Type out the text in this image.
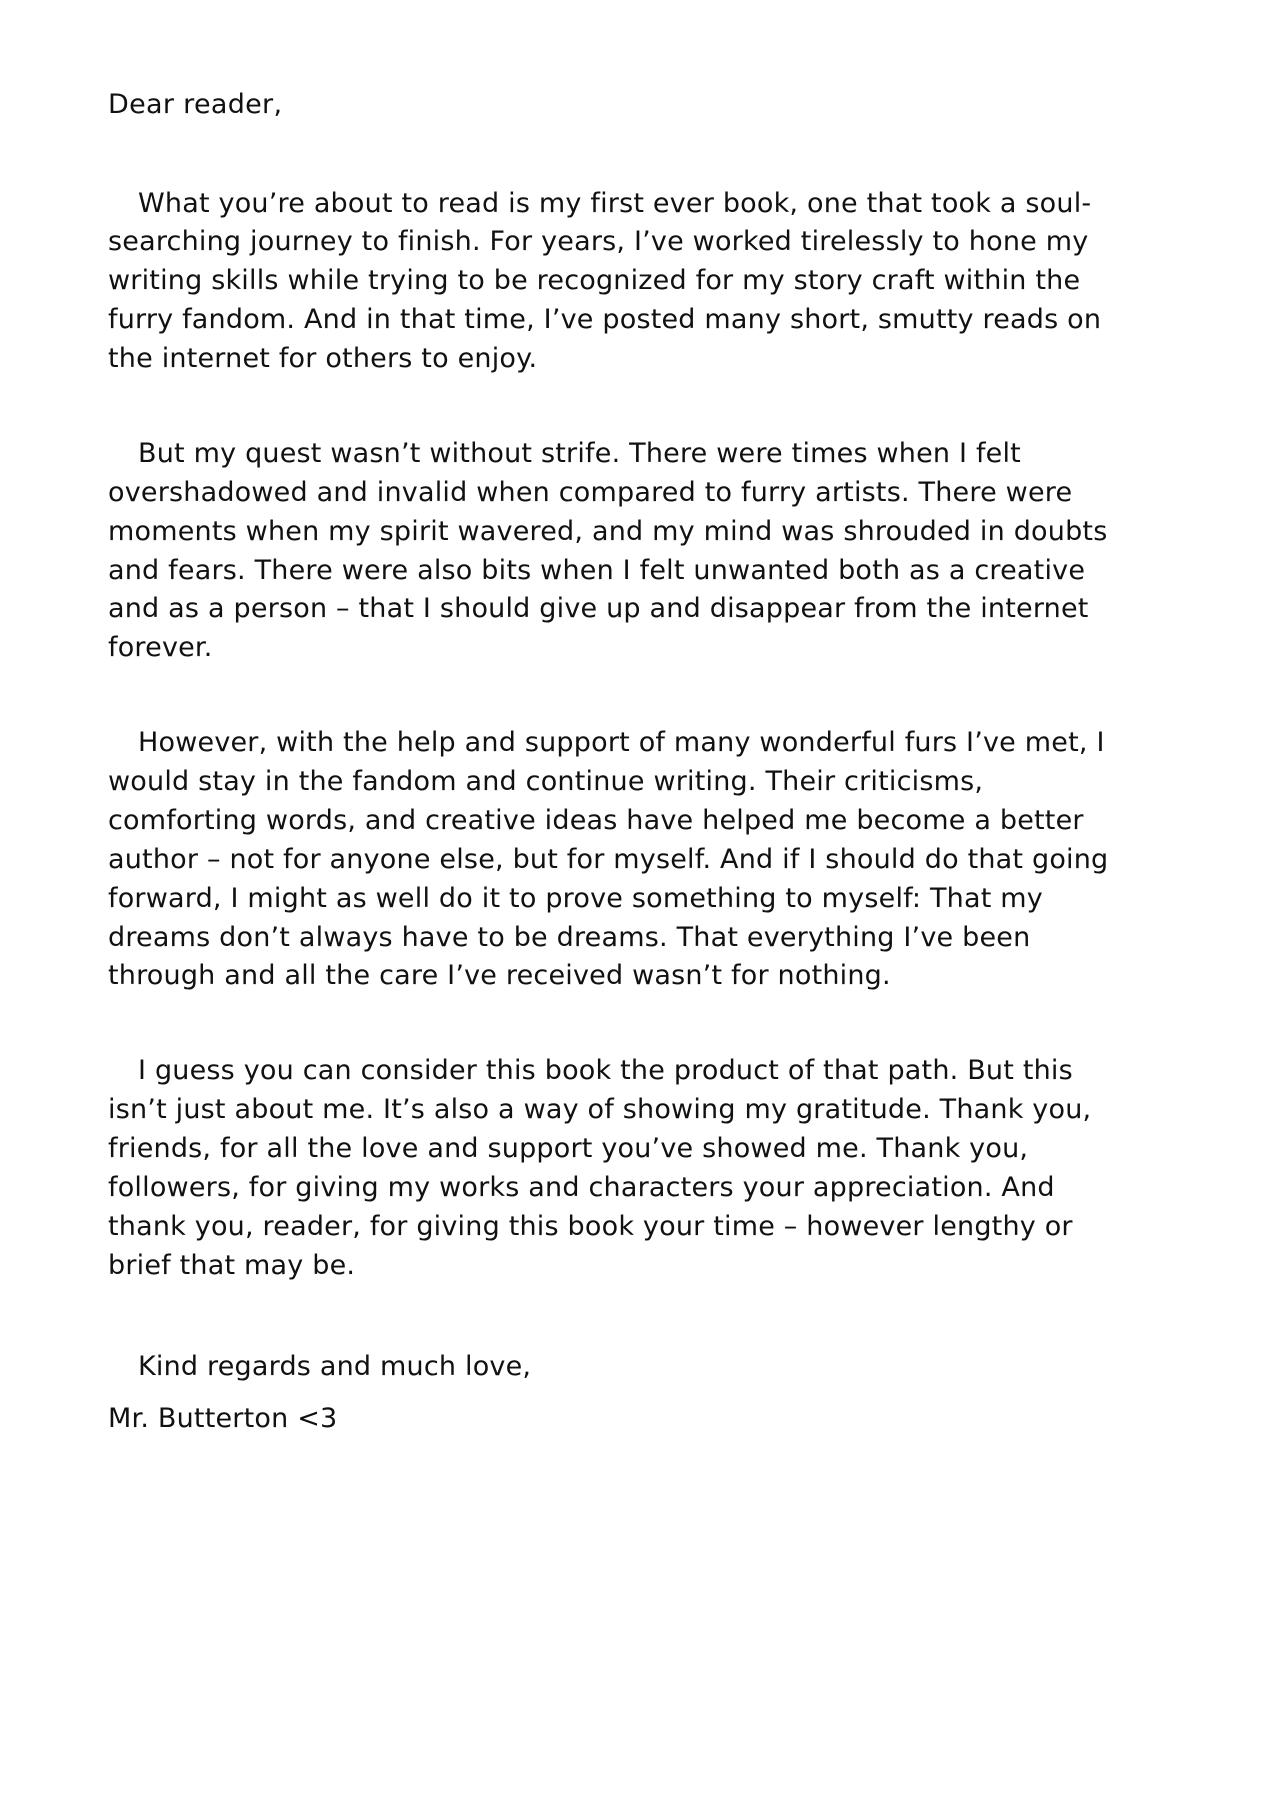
Dear reader,

What you’re about to read is my first ever book, one that took a soul-searching journey to finish. For years, I’ve worked tirelessly to hone my writing skills while trying to be recognized for my story craft within the furry fandom. And in that time, I’ve posted many short, smutty reads on the internet for others to enjoy.

But my quest wasn’t without strife. There were times when I felt overshadowed and invalid when compared to furry artists. There were moments when my spirit wavered, and my mind was shrouded in doubts and fears. There were also bits when I felt unwanted both as a creative and as a person – that I should give up and disappear from the internet forever.

However, with the help and support of many wonderful furs I’ve met, I would stay in the fandom and continue writing. Their criticisms, comforting words, and creative ideas have helped me become a better author – not for anyone else, but for myself. And if I should do that going forward, I might as well do it to prove something to myself: That my dreams don’t always have to be dreams. That everything I’ve been through and all the care I’ve received wasn’t for nothing.

I guess you can consider this book the product of that path. But this isn’t just about me. It’s also a way of showing my gratitude. Thank you, friends, for all the love and support you’ve showed me. Thank you, followers, for giving my works and characters your appreciation. And thank you, reader, for giving this book your time – however lengthy or brief that may be.

Kind regards and much love,

Mr. Butterton <3
